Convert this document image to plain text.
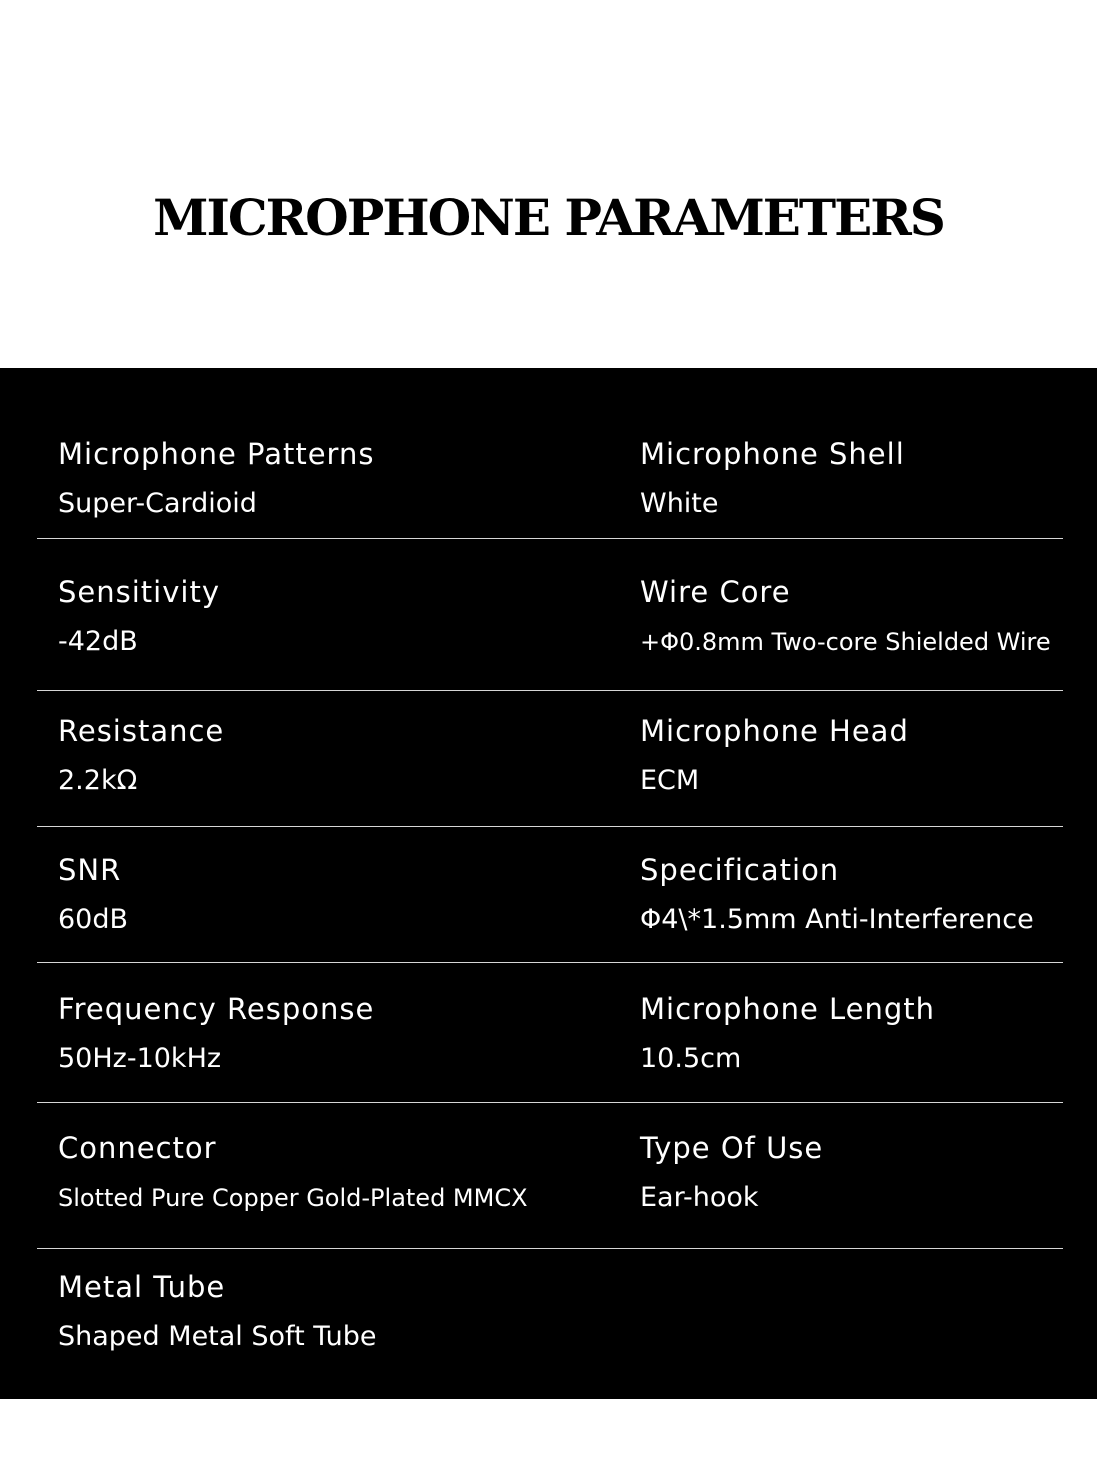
MICROPHONE PARAMETERS
Microphone Patterns
Super-Cardioid
Microphone Shell
White
Sensitivity
-42dB
Wire Core
+Φ0.8mm Two-core Shielded Wire
Resistance
2.2kΩ
Microphone Head
ECM
SNR
60dB
Specification
Φ4\*1.5mm Anti-Interference
Frequency Response
50Hz-10kHz
Microphone Length
10.5cm
Connector
Slotted Pure Copper Gold-Plated MMCX
Type Of Use
Ear-hook
Metal Tube
Shaped Metal Soft Tube
